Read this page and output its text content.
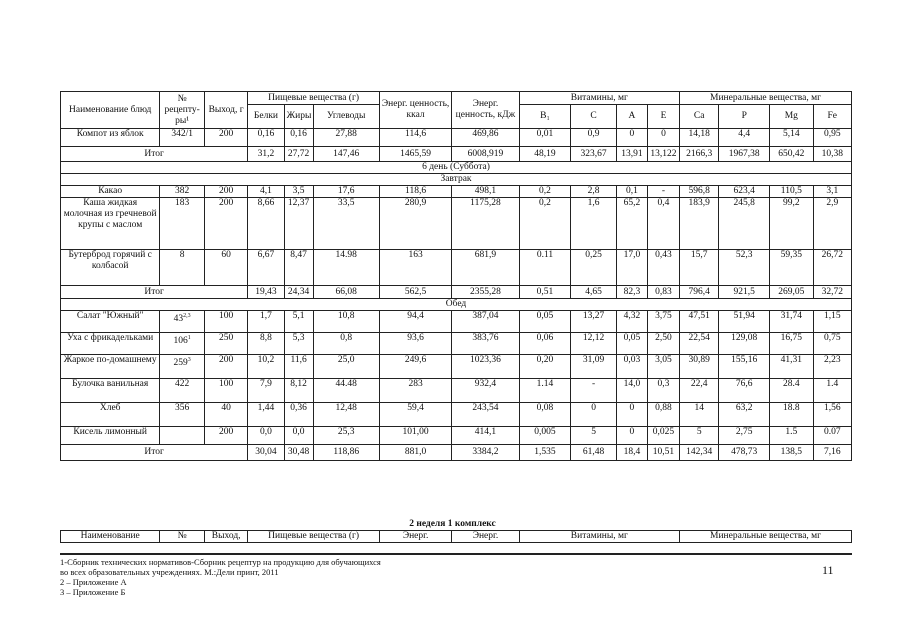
Наименование блюд	№ рецепту-ры¹	Выход, г	Пищевые вещества (г)			Энерг. ценность, ккал	Энерг. ценность, кДж	Витамины, мг				Минеральные вещества, мг			
			Белки	Жиры	Углеводы			B₁	C	A	E	Ca	P	Mg	Fe
Компот из яблок	342/1	200	0,16	0,16	27,88	114,6	469,86	0,01	0,9	0	0	14,18	4,4	5,14	0,95
Итог			31,2	27,72	147,46	1465,59	6008,919	48,19	323,67	13,91	13,122	2166,3	1967,38	650,42	10,38
6 день (Суббота)															
Завтрак															
Какао	382	200	4,1	3,5	17,6	118,6	498,1	0,2	2,8	0,1	-	596,8	623,4	110,5	3,1
Каша жидкая молочная из гречневой крупы с маслом	183	200	8,66	12,37	33,5	280,9	1175,28	0,2	1,6	65,2	0,4	183,9	245,8	99,2	2,9
Бутерброд горячий с колбасой	8	60	6,67	8,47	14.98	163	681,9	0.11	0,25	17,0	0,43	15,7	52,3	59,35	26,72
Итог			19,43	24,34	66,08	562,5	2355,28	0,51	4,65	82,3	0,83	796,4	921,5	269,05	32,72
Обед															
Салат "Южный"	43$^{2,3}$	100	1,7	5,1	10,8	94,4	387,04	0,05	13,27	4,32	3,75	47,51	51,94	31,74	1,15
Уха с фрикадельками	$106^1$	250	8,8	5,3	0,8	93,6	383,76	0,06	12,12	0,05	2,50	22,54	129,08	16,75	0,75
Жаркое по-домашнему	$259^3$	200	10,2	11,6	25,0	249,6	1023,36	0,20	31,09	0,03	3,05	30,89	155,16	41,31	2,23
Булочка ванильная	422	100	7,9	8,12	44.48	283	932,4	1.14	-	14,0	0,3	22,4	76,6	28.4	1.4
Хлеб	356	40	1,44	0,36	12,48	59,4	243,54	0,08	0	0	0,88	14	63,2	18.8	1,56
Кисель лимонный		200	0,0	0,0	25,3	101,00	414,1	0,005	5	0	0,025	5	2,75	1.5	0.07
Итог			30,04	30,48	118,86	881,0	3384,2	1,535	61,48	18,4	10,51	142,34	478,73	138,5	7,16
2 неделя 1 комплекс
Наименование	№	Выход,	Пищевые вещества (г)	Энерг.	Энерг.	Витамины, мг	Минеральные вещества, мг
1-Сборник технических нормативов-Сборник рецептур на продукцию для обучающихся
во всех образовательных учреждениях. М.:Дели принт, 2011
2 – Приложение А
3 – Приложение Б
11
